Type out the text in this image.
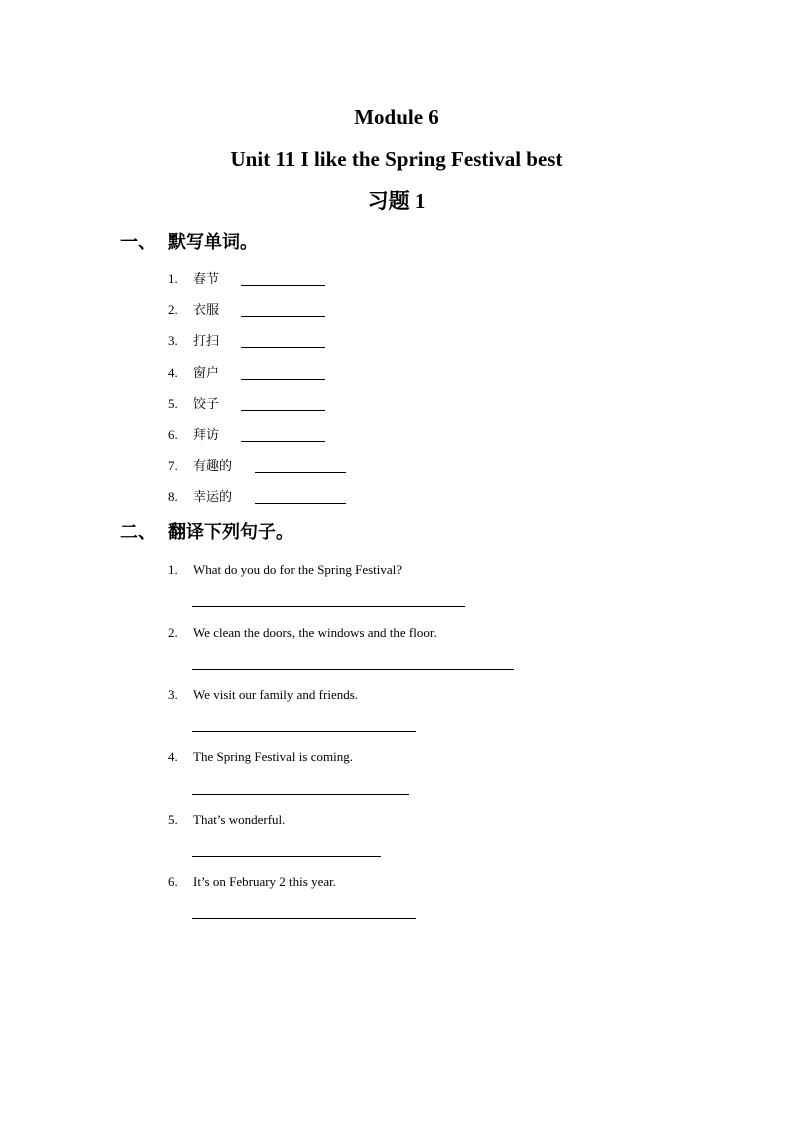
Module 6
Unit 11 I like the Spring Festival best
习题 1
一、 默写单词。
1.	春节
2.	衣服
3.	打扫
4.	窗户
5.	饺子
6.	拜访
7.	有趣的
8.	幸运的
二、 翻译下列句子。
1.	What do you do for the Spring Festival?
2.	We clean the doors, the windows and the floor.
3.	We visit our family and friends.
4.	The Spring Festival is coming.
5.	That’s wonderful.
6.	It’s on February 2 this year.
